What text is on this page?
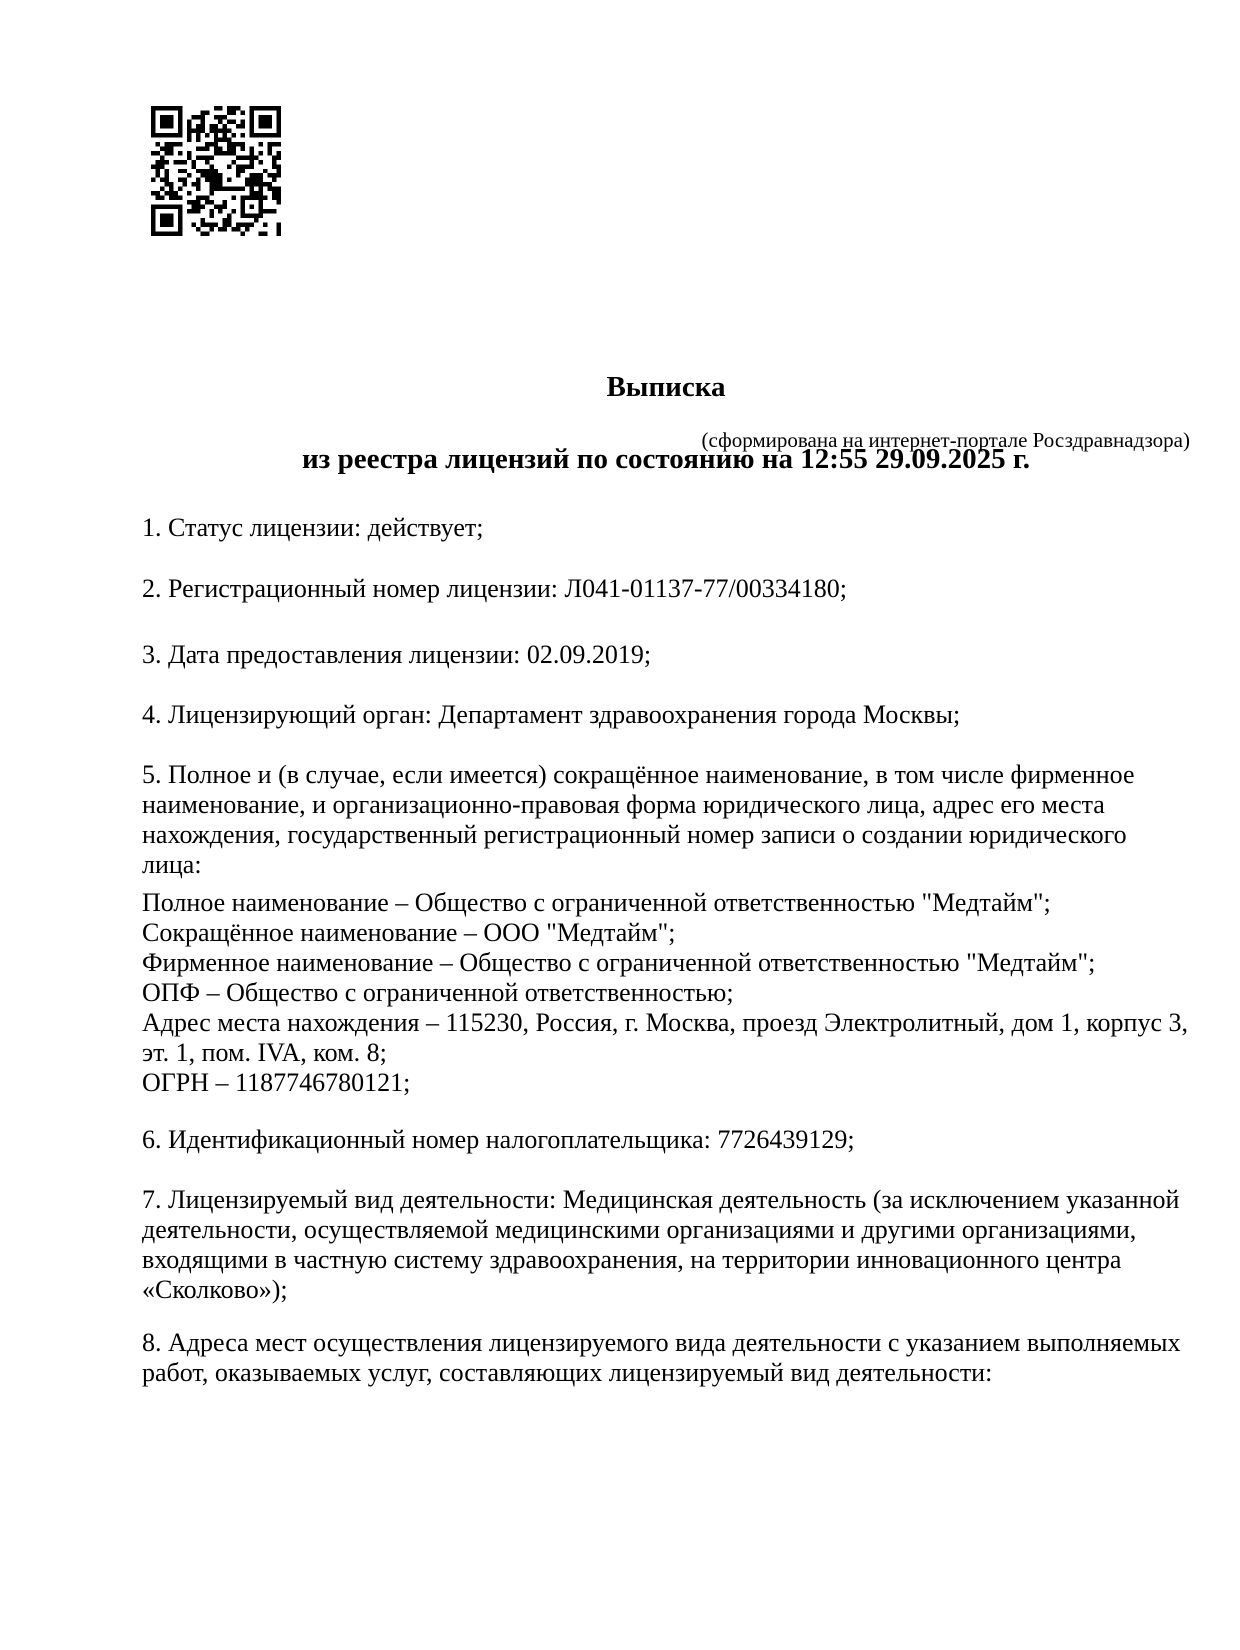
Выписка

из реестра лицензий по состоянию на 12:55 29.09.2025 г.

(сформирована на интернет-портале Росздравнадзора)
1. Статус лицензии: действует;
2. Регистрационный номер лицензии: Л041-01137-77/00334180;
3. Дата предоставления лицензии: 02.09.2019;
4. Лицензирующий орган: Департамент здравоохранения города Москвы;
5. Полное и (в случае, если имеется) сокращённое наименование, в том числе фирменное наименование, и организационно-правовая форма юридического лица, адрес его места нахождения, государственный регистрационный номер записи о создании юридического лица:
Полное наименование – Общество с ограниченной ответственностью "Медтайм";
Сокращённое наименование – ООО "Медтайм";
Фирменное наименование – Общество с ограниченной ответственностью "Медтайм";
ОПФ – Общество с ограниченной ответственностью;
Адрес места нахождения – 115230, Россия, г. Москва, проезд Электролитный, дом 1, корпус 3, эт. 1, пом. IVA, ком. 8;
ОГРН – 1187746780121;
6. Идентификационный номер налогоплательщика: 7726439129;
7. Лицензируемый вид деятельности: Медицинская деятельность (за исключением указанной деятельности, осуществляемой медицинскими организациями и другими организациями, входящими в частную систему здравоохранения, на территории инновационного центра «Сколково»);
8. Адреса мест осуществления лицензируемого вида деятельности с указанием выполняемых работ, оказываемых услуг, составляющих лицензируемый вид деятельности:
